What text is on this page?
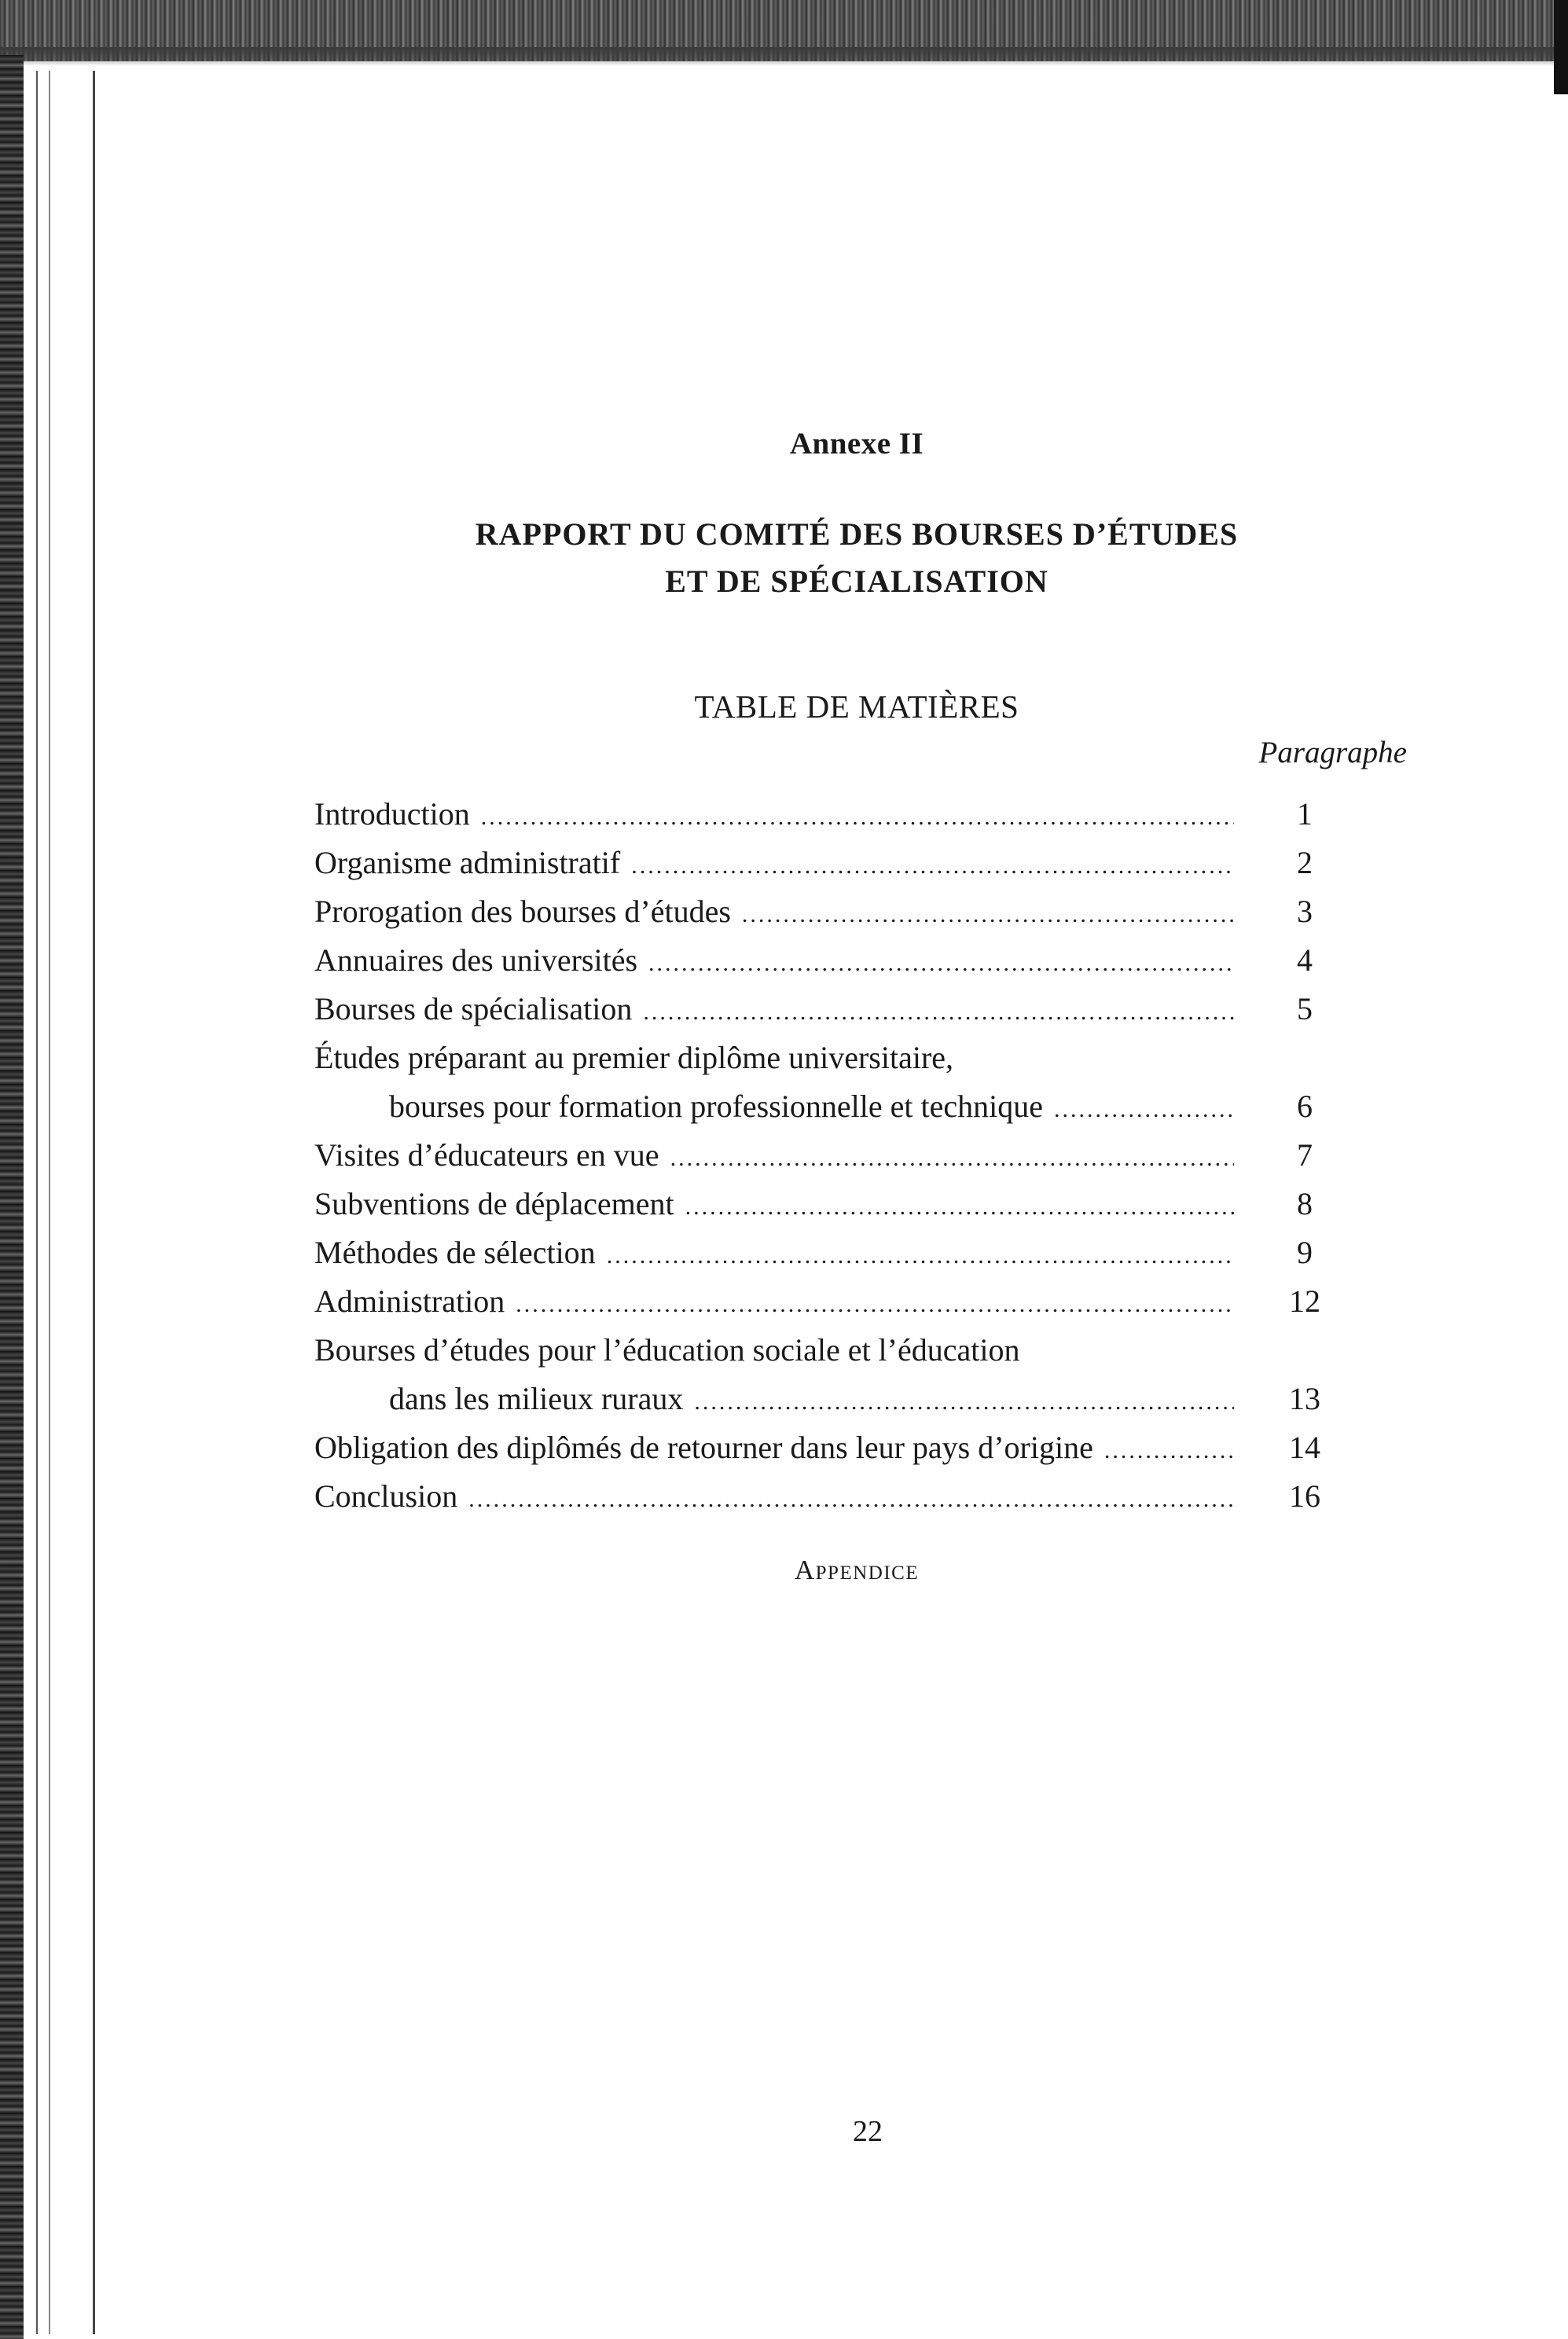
Annexe II
RAPPORT DU COMITÉ DES BOURSES D’ÉTUDES
ET DE SPÉCIALISATION
TABLE DE MATIÈRES
Paragraphe
Introduction .....	1
Organisme administratif .....	2
Prorogation des bourses d’études .....	3
Annuaires des universités .....	4
Bourses de spécialisation .....	5
Études préparant au premier diplôme universitaire,
bourses pour formation professionnelle et technique .....	6
Visites d’éducateurs en vue .....	7
Subventions de déplacement .....	8
Méthodes de sélection .....	9
Administration .....	12
Bourses d’études pour l’éducation sociale et l’éducation
dans les milieux ruraux .....	13
Obligation des diplômés de retourner dans leur pays d’origine .....	14
Conclusion .....	16
Appendice
22
